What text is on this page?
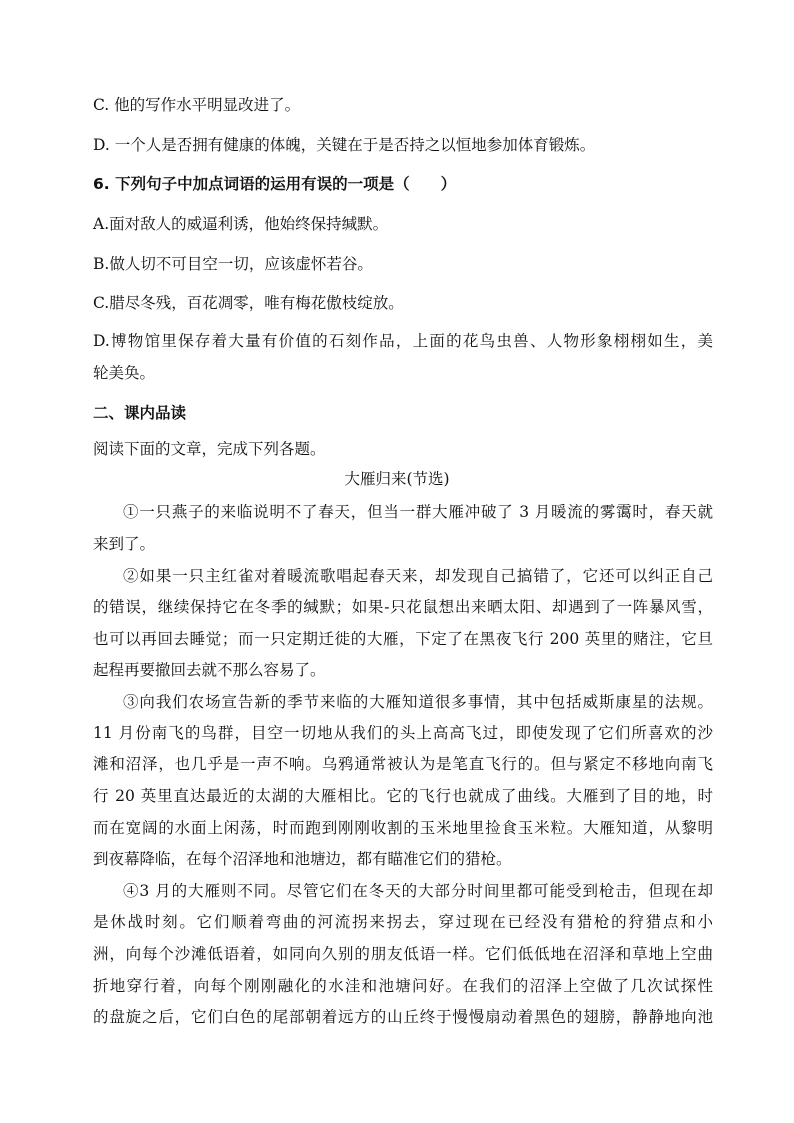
C. 他的写作水平明显改进了。
D. 一个人是否拥有健康的体魄，关键在于是否持之以恒地参加体育锻炼。
6. 下列句子中加点词语的运用有误的一项是（　　）
A.面对敌人的威逼利诱，他始终保持缄默。
B.做人切不可目空一切，应该虚怀若谷。
C.腊尽冬残，百花凋零，唯有梅花傲枝绽放。
D.博物馆里保存着大量有价值的石刻作品，上面的花鸟虫兽、人物形象栩栩如生，美
轮美奂。
二、课内品读
阅读下面的文章，完成下列各题。
大雁归来(节选)
①一只燕子的来临说明不了春天，但当一群大雁冲破了 3 月暖流的雾霭时，春天就
来到了。
②如果一只主红雀对着暖流歌唱起春天来，却发现自己搞错了，它还可以纠正自己
的错误，继续保持它在冬季的缄默；如果-只花鼠想出来晒太阳、却遇到了一阵暴风雪，
也可以再回去睡觉；而一只定期迁徙的大雁，下定了在黑夜飞行 200 英里的赌注，它旦
起程再要撤回去就不那么容易了。
③向我们农场宣告新的季节来临的大雁知道很多事情，其中包括威斯康星的法规。
11 月份南飞的鸟群，目空一切地从我们的头上高高飞过，即使发现了它们所喜欢的沙
滩和沼泽，也几乎是一声不响。乌鸦通常被认为是笔直飞行的。但与紧定不移地向南飞
行 20 英里直达最近的太湖的大雁相比。它的飞行也就成了曲线。大雁到了目的地，时
而在宽阔的水面上闲荡，时而跑到刚刚收割的玉米地里捡食玉米粒。大雁知道，从黎明
到夜幕降临，在每个沼泽地和池塘边，都有瞄准它们的猎枪。
④3 月的大雁则不同。尽管它们在冬天的大部分时间里都可能受到枪击，但现在却
是休战时刻。它们顺着弯曲的河流拐来拐去，穿过现在已经没有猎枪的狩猎点和小
洲，向每个沙滩低语着，如同向久别的朋友低语一样。它们低低地在沼泽和草地上空曲
折地穿行着，向每个刚刚融化的水洼和池塘问好。在我们的沼泽上空做了几次试探性
的盘旋之后，它们白色的尾部朝着远方的山丘终于慢慢扇动着黑色的翅膀，静静地向池
